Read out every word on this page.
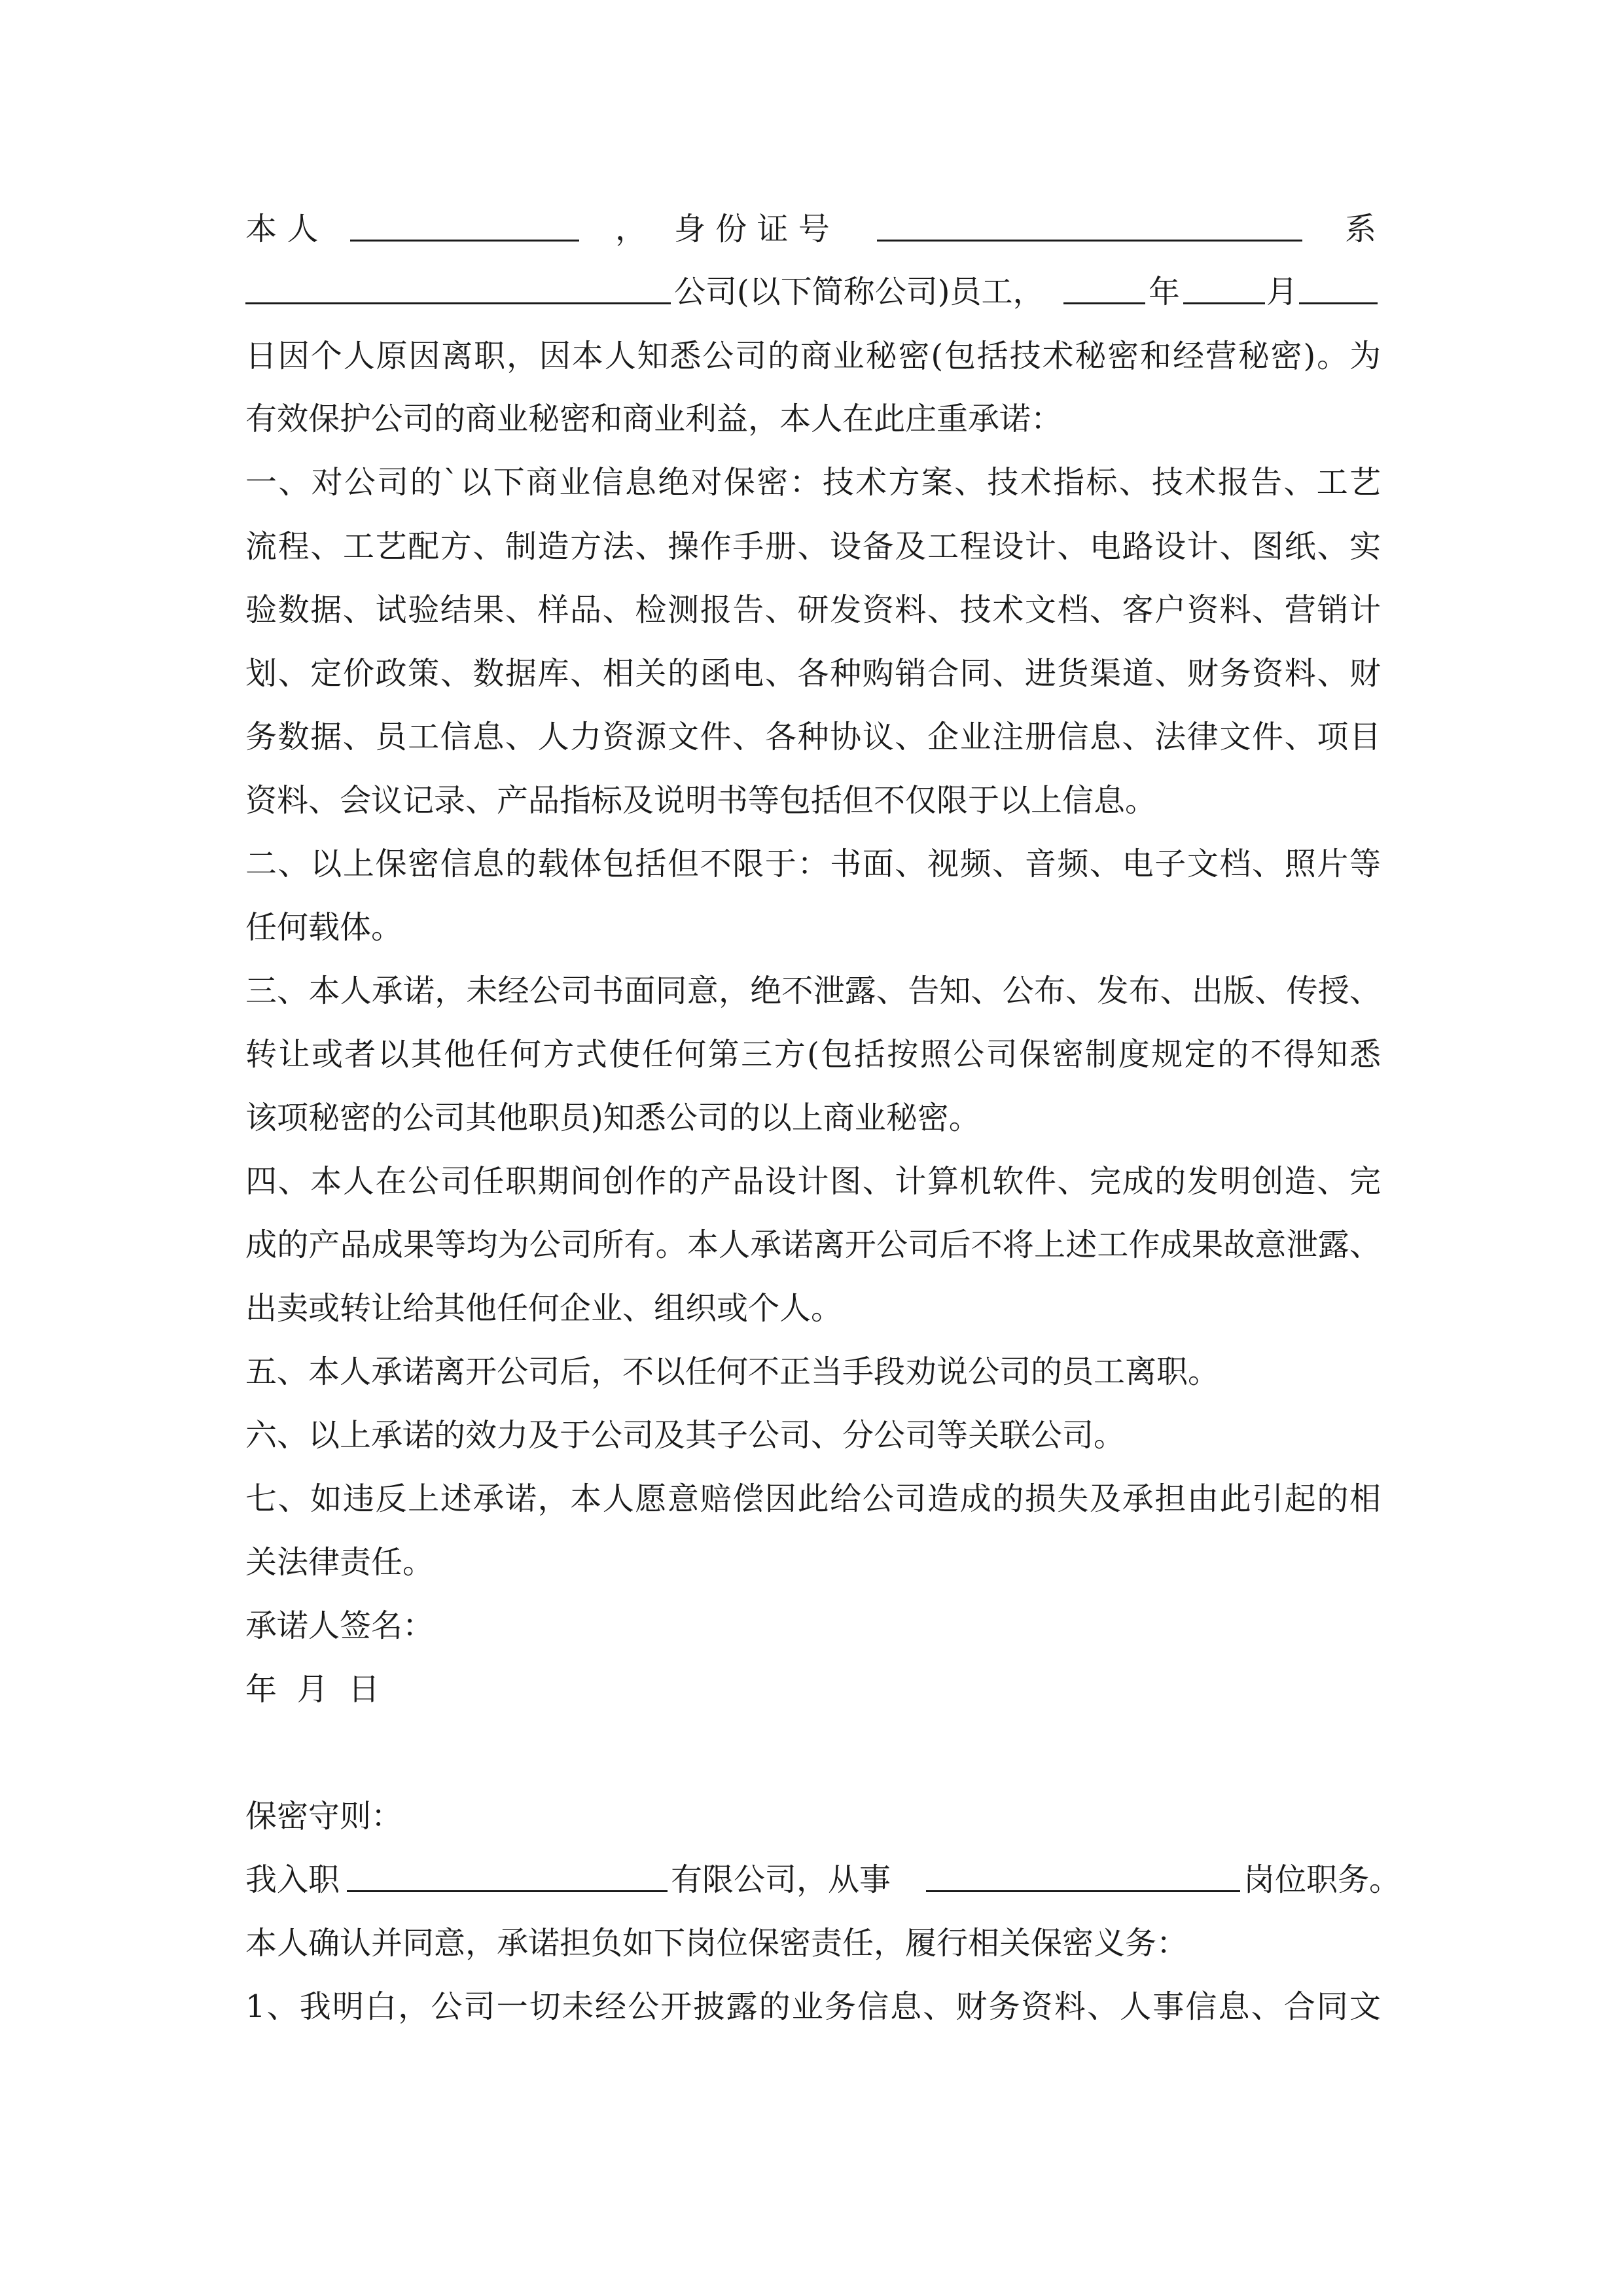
本 人	， 身 份 证 号	系
公司(以下简称公司)员工，	年	月
日因个人原因离职，因本人知悉公司的商业秘密(包括技术秘密和经营秘密)。为
有效保护公司的商业秘密和商业利益，本人在此庄重承诺：
一、对公司的`以下商业信息绝对保密：技术方案、技术指标、技术报告、工艺
流程、工艺配方、制造方法、操作手册、设备及工程设计、电路设计、图纸、实
验数据、试验结果、样品、检测报告、研发资料、技术文档、客户资料、营销计
划、定价政策、数据库、相关的函电、各种购销合同、进货渠道、财务资料、财
务数据、员工信息、人力资源文件、各种协议、企业注册信息、法律文件、项目
资料、会议记录、产品指标及说明书等包括但不仅限于以上信息。
二、以上保密信息的载体包括但不限于：书面、视频、音频、电子文档、照片等
任何载体。
三、本人承诺，未经公司书面同意，绝不泄露、告知、公布、发布、出版、传授、
转让或者以其他任何方式使任何第三方(包括按照公司保密制度规定的不得知悉
该项秘密的公司其他职员)知悉公司的以上商业秘密。
四、本人在公司任职期间创作的产品设计图、计算机软件、完成的发明创造、完
成的产品成果等均为公司所有。本人承诺离开公司后不将上述工作成果故意泄露、
出卖或转让给其他任何企业、组织或个人。
五、本人承诺离开公司后，不以任何不正当手段劝说公司的员工离职。
六、以上承诺的效力及于公司及其子公司、分公司等关联公司。
七、如违反上述承诺，本人愿意赔偿因此给公司造成的损失及承担由此引起的相
关法律责任。
承诺人签名：
年  月  日
保密守则：
我入职	有限公司，从事	岗位职务。
本人确认并同意，承诺担负如下岗位保密责任，履行相关保密义务：
1、我明白，公司一切未经公开披露的业务信息、财务资料、人事信息、合同文
